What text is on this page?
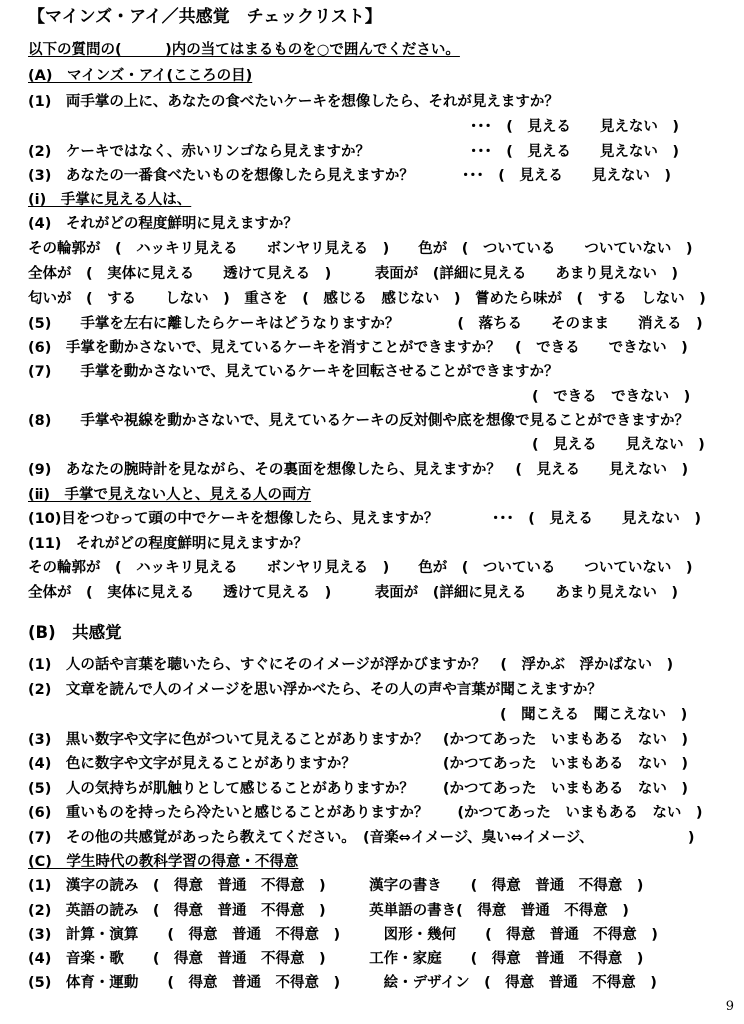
【マインズ・アイ／共感覚　チェックリスト】
以下の質問の(　　　)内の当てはまるものを○で囲んでください。
(A)　マインズ・アイ(こころの目)
(1)　両手掌の上に、あなたの食べたいケーキを想像したら、それが見えますか？
･･･　(　見える　　見えない　)
(2)　ケーキではなく、赤いリンゴなら見えますか？	･･･　(　見える　　見えない　)
(3)　あなたの一番食べたいものを想像したら見えますか？	･･･　(　見える　　見えない　)
(ⅰ)　手掌に見える人は、
(4)　それがどの程度鮮明に見えますか？
その輪郭が　(　ハッキリ見える　　ボンヤリ見える　)　　色が　(　ついている　　ついていない　)
全体が　(　実体に見える　　透けて見える　)　　　表面が　(詳細に見える　　あまり見えない　)
匂いが　(　する　　しない　)　重さを　(　感じる　感じない　)　嘗めたら味が　(　する　しない　)
(5)　　手掌を左右に離したらケーキはどうなりますか？　　　　(　落ちる　　そのまま　　消える　)
(6)　手掌を動かさないで、見えているケーキを消すことができますか？　(　できる　　できない　)
(7)　　手掌を動かさないで、見えているケーキを回転させることができますか？
(　できる　できない　)
(8)　　手掌や視線を動かさないで、見えているケーキの反対側や底を想像で見ることができますか？
(　見える　　見えない　)
(9)　あなたの腕時計を見ながら、その裏面を想像したら、見えますか？　(　見える　　見えない　)
(ⅱ)　手掌で見えない人と、見える人の両方
(10)目をつむって頭の中でケーキを想像したら、見えますか？	･･･　(　見える　　見えない　)
(11)　それがどの程度鮮明に見えますか？
その輪郭が　(　ハッキリ見える　　ボンヤリ見える　)　　色が　(　ついている　　ついていない　)
全体が　(　実体に見える　　透けて見える　)　　　表面が　(詳細に見える　　あまり見えない　)
(B)　共感覚
(1)　人の話や言葉を聴いたら、すぐにそのイメージが浮かびますか？　(　浮かぶ　浮かばない　)
(2)　文章を読んで人のイメージを思い浮かべたら、その人の声や言葉が聞こえますか？
(　聞こえる　聞こえない　)
(3)　黒い数字や文字に色がついて見えることがありますか？　(かつてあった　いまもある　ない　)
(4)　色に数字や文字が見えることがありますか？　　　　　　(かつてあった　いまもある　ない　)
(5)　人の気持ちが肌触りとして感じることがありますか？　　(かつてあった　いまもある　ない　)
(6)　重いものを持ったら冷たいと感じることがありますか？　　(かつてあった　いまもある　ない　)
(7)　その他の共感覚があったら教えてください。　(音楽⇔イメージ、臭い⇔イメージ、　　　　　　　)
(C)　学生時代の教科学習の得意・不得意
(1)　漢字の読み　(　得意　普通　不得意　)　　　漢字の書き　　(　得意　普通　不得意　)
(2)　英語の読み　(　得意　普通　不得意　)　　　英単語の書き(　得意　普通　不得意　)
(3)　計算・演算　　(　得意　普通　不得意　)　　　図形・幾何　　(　得意　普通　不得意　)
(4)　音楽・歌　　(　得意　普通　不得意　)　　　工作・家庭　　(　得意　普通　不得意　)
(5)　体育・運動　　(　得意　普通　不得意　)　　　絵・デザイン　(　得意　普通　不得意　)
9
